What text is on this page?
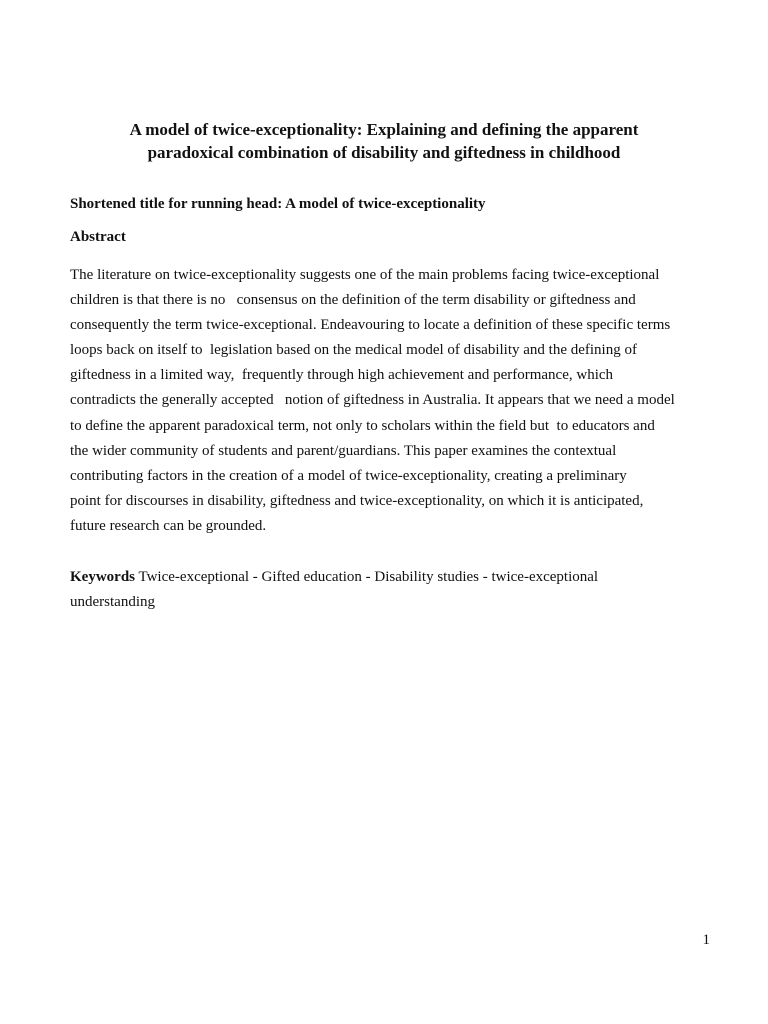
A model of twice-exceptionality: Explaining and defining the apparent
paradoxical combination of disability and giftedness in childhood

Shortened title for running head: A model of twice-exceptionality

Abstract

The literature on twice-exceptionality suggests one of the main problems facing twice-exceptional
children is that there is no   consensus on the definition of the term disability or giftedness and
consequently the term twice-exceptional. Endeavouring to locate a definition of these specific terms
loops back on itself to  legislation based on the medical model of disability and the defining of
giftedness in a limited way,  frequently through high achievement and performance, which
contradicts the generally accepted   notion of giftedness in Australia. It appears that we need a model
to define the apparent paradoxical term, not only to scholars within the field but  to educators and
the wider community of students and parent/guardians. This paper examines the contextual
contributing factors in the creation of a model of twice-exceptionality, creating a preliminary
point for discourses in disability, giftedness and twice-exceptionality, on which it is anticipated,
future research can be grounded.

Keywords Twice-exceptional - Gifted education - Disability studies - twice-exceptional
understanding

1
